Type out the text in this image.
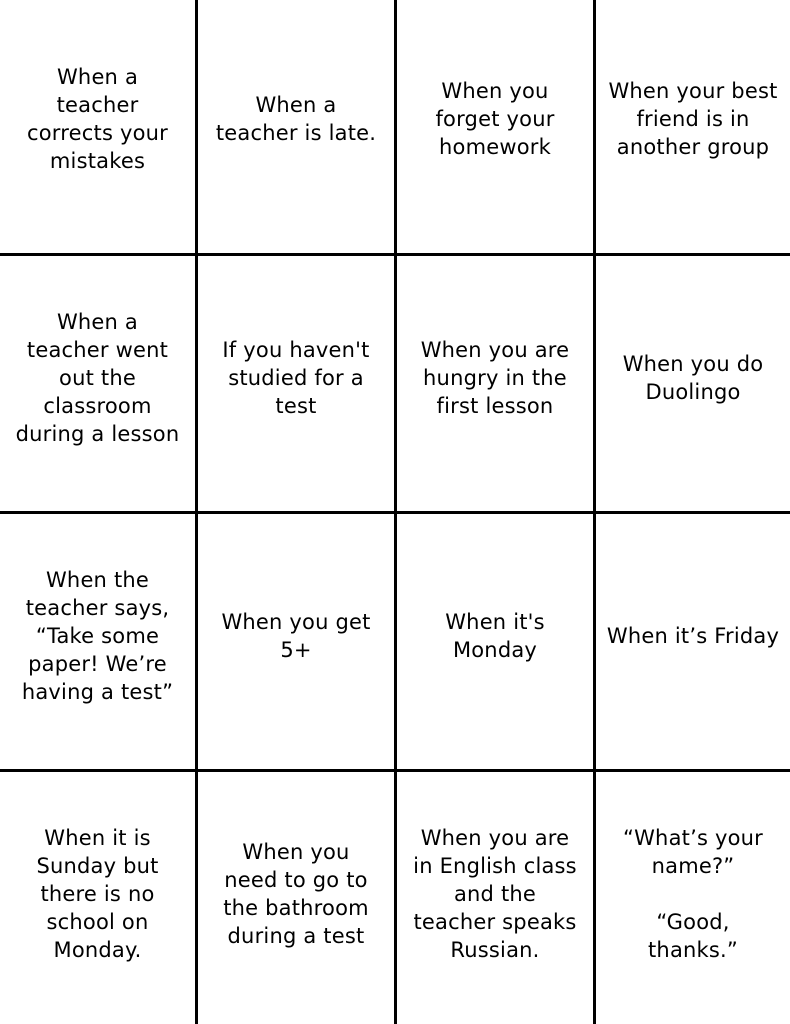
When a
teacher
corrects your
mistakes
When a
teacher is late.
When you
forget your
homework
When your best
friend is in
another group
When a
teacher went
out the
classroom
during a lesson
If you haven't
studied for a
test
When you are
hungry in the
first lesson
When you do
Duolingo
When the
teacher says,
“Take some
paper! We’re
having a test”
When you get
5+
When it's
Monday
When it’s Friday
When it is
Sunday but
there is no
school on
Monday.
When you
need to go to
the bathroom
during a test
When you are
in English class
and the
teacher speaks
Russian.
“What’s your
name?”

“Good,
thanks.”
